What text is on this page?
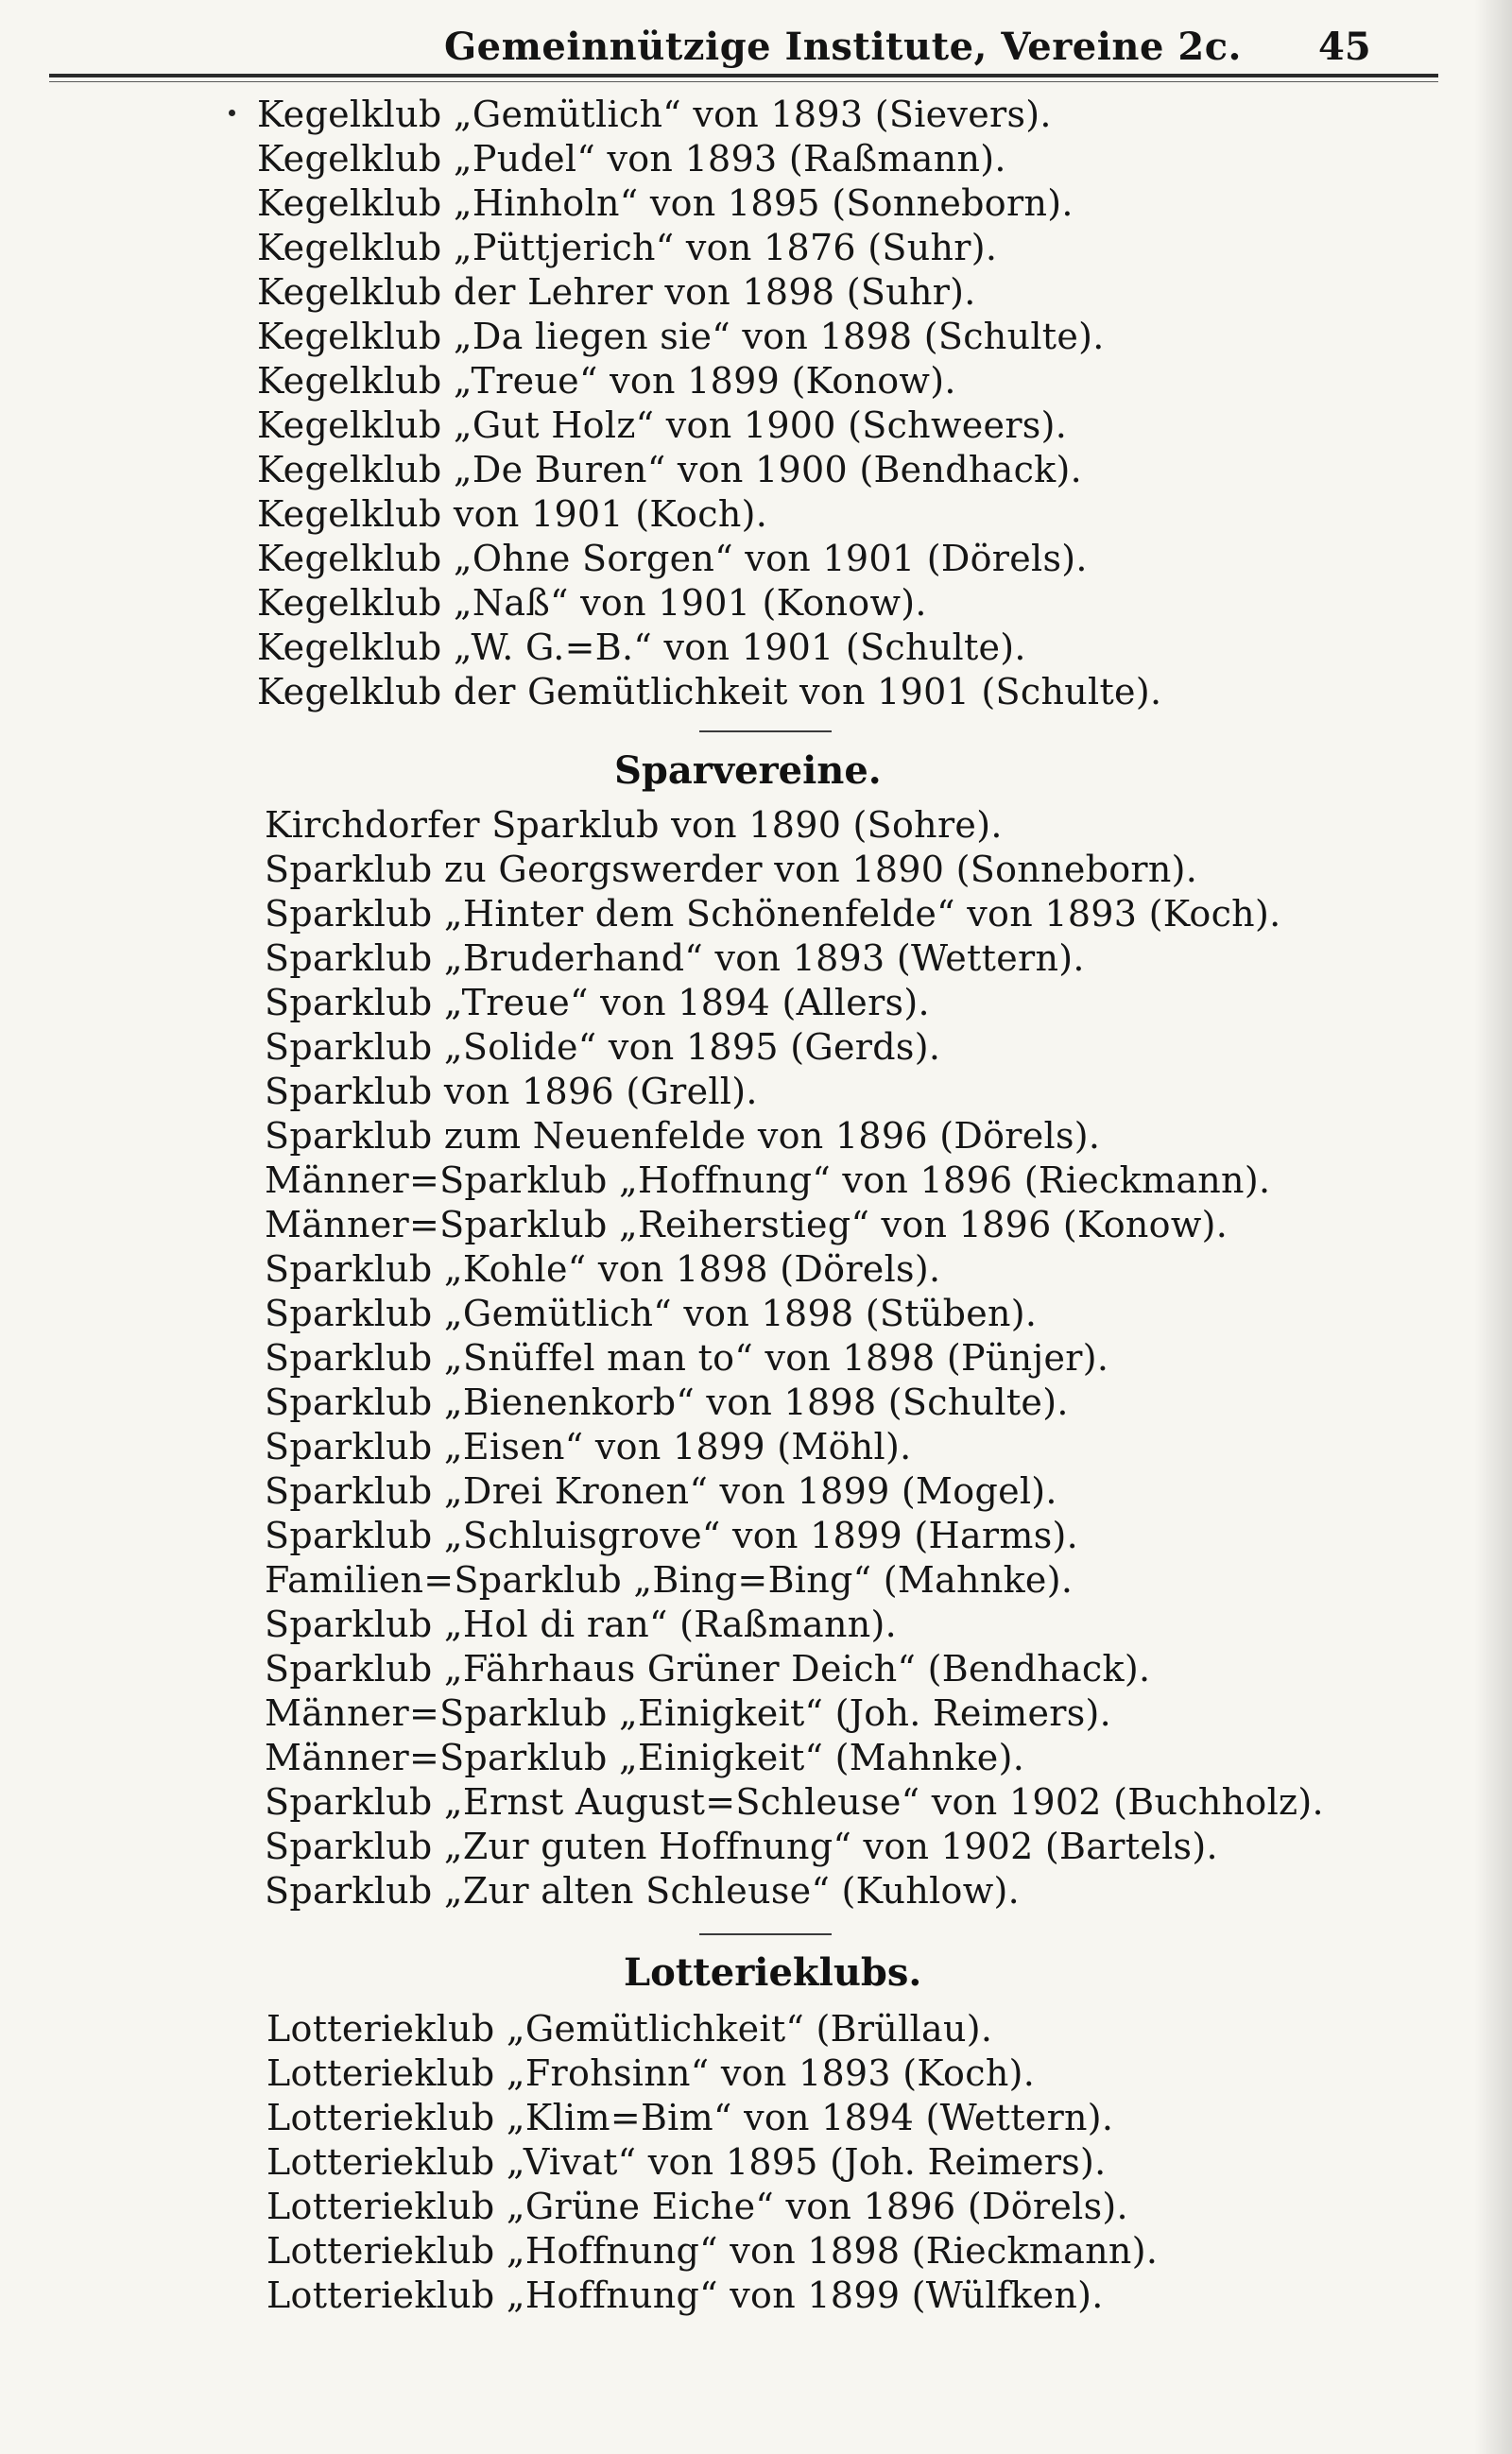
Gemeinnützige Institute, Vereine 2c. 45
Kegelklub „Gemütlich“ von 1893 (Sievers).
Kegelklub „Pudel“ von 1893 (Raßmann).
Kegelklub „Hinholn“ von 1895 (Sonneborn).
Kegelklub „Püttjerich“ von 1876 (Suhr).
Kegelklub der Lehrer von 1898 (Suhr).
Kegelklub „Da liegen sie“ von 1898 (Schulte).
Kegelklub „Treue“ von 1899 (Konow).
Kegelklub „Gut Holz“ von 1900 (Schweers).
Kegelklub „De Buren“ von 1900 (Bendhack).
Kegelklub von 1901 (Koch).
Kegelklub „Ohne Sorgen“ von 1901 (Dörels).
Kegelklub „Naß“ von 1901 (Konow).
Kegelklub „W. G.=B.“ von 1901 (Schulte).
Kegelklub der Gemütlichkeit von 1901 (Schulte).
Sparvereine.
Kirchdorfer Sparklub von 1890 (Sohre).
Sparklub zu Georgswerder von 1890 (Sonneborn).
Sparklub „Hinter dem Schönenfelde“ von 1893 (Koch).
Sparklub „Bruderhand“ von 1893 (Wettern).
Sparklub „Treue“ von 1894 (Allers).
Sparklub „Solide“ von 1895 (Gerds).
Sparklub von 1896 (Grell).
Sparklub zum Neuenfelde von 1896 (Dörels).
Männer=Sparklub „Hoffnung“ von 1896 (Rieckmann).
Männer=Sparklub „Reiherstieg“ von 1896 (Konow).
Sparklub „Kohle“ von 1898 (Dörels).
Sparklub „Gemütlich“ von 1898 (Stüben).
Sparklub „Snüffel man to“ von 1898 (Pünjer).
Sparklub „Bienenkorb“ von 1898 (Schulte).
Sparklub „Eisen“ von 1899 (Möhl).
Sparklub „Drei Kronen“ von 1899 (Mogel).
Sparklub „Schluisgrove“ von 1899 (Harms).
Familien=Sparklub „Bing=Bing“ (Mahnke).
Sparklub „Hol di ran“ (Raßmann).
Sparklub „Fährhaus Grüner Deich“ (Bendhack).
Männer=Sparklub „Einigkeit“ (Joh. Reimers).
Männer=Sparklub „Einigkeit“ (Mahnke).
Sparklub „Ernst August=Schleuse“ von 1902 (Buchholz).
Sparklub „Zur guten Hoffnung“ von 1902 (Bartels).
Sparklub „Zur alten Schleuse“ (Kuhlow).
Lotterieklubs.
Lotterieklub „Gemütlichkeit“ (Brüllau).
Lotterieklub „Frohsinn“ von 1893 (Koch).
Lotterieklub „Klim=Bim“ von 1894 (Wettern).
Lotterieklub „Vivat“ von 1895 (Joh. Reimers).
Lotterieklub „Grüne Eiche“ von 1896 (Dörels).
Lotterieklub „Hoffnung“ von 1898 (Rieckmann).
Lotterieklub „Hoffnung“ von 1899 (Wülfken).
